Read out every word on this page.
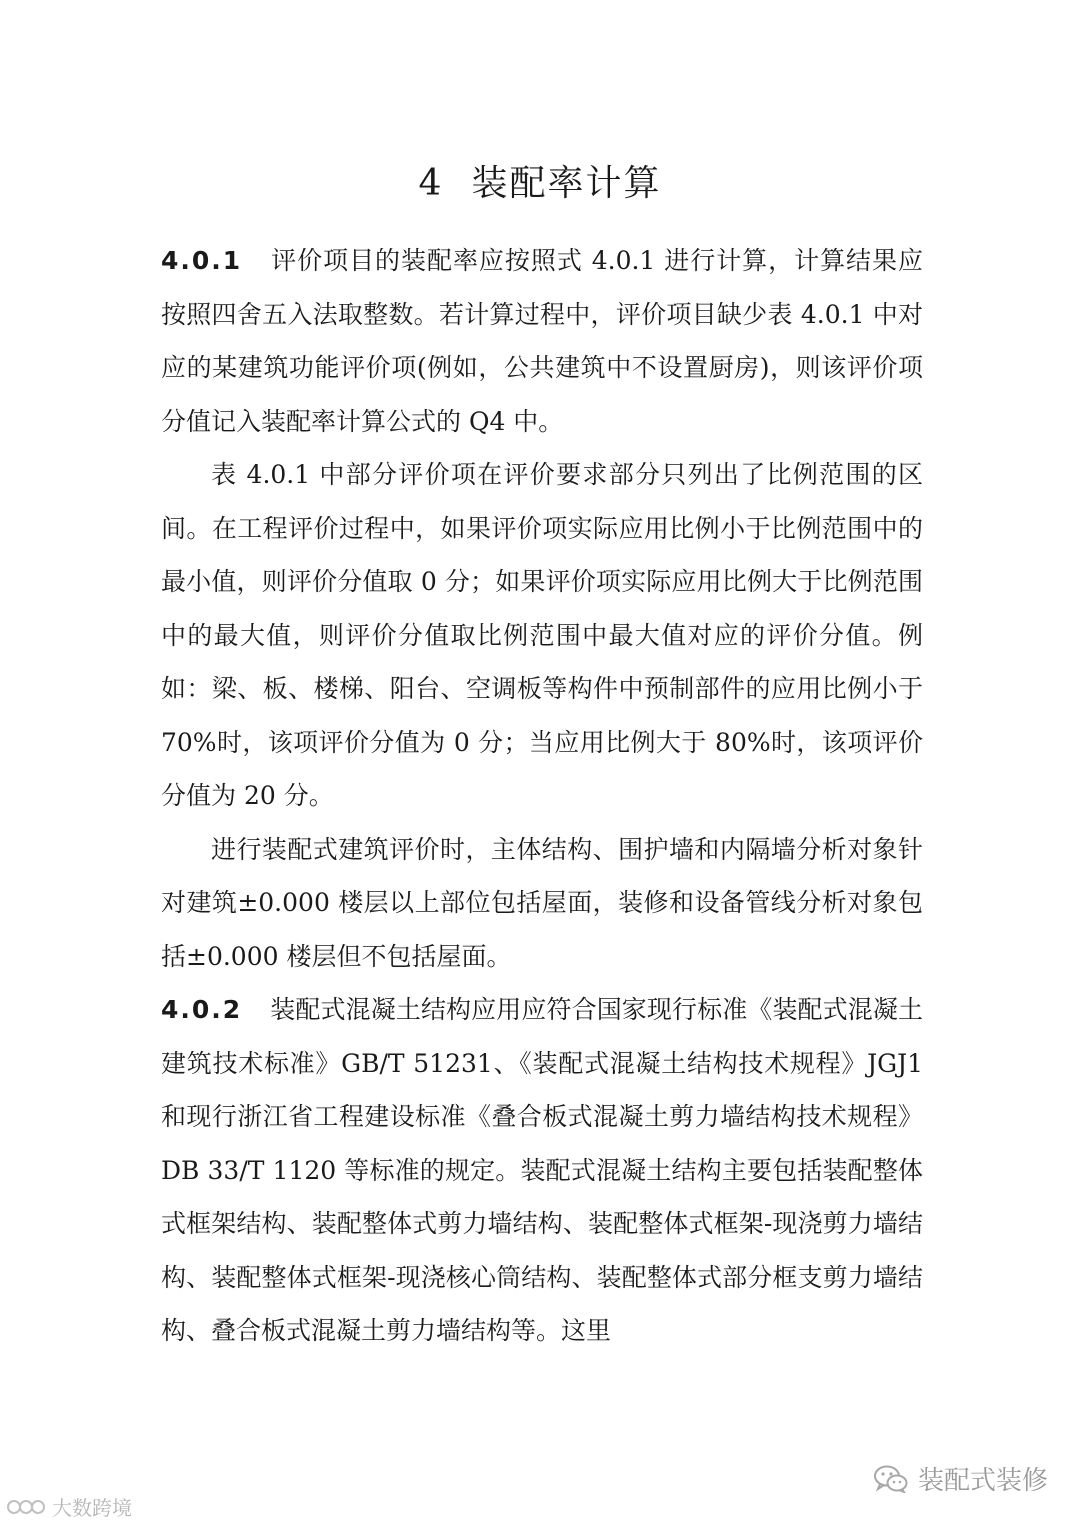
4 装配率计算

4.0.1 评价项目的装配率应按照式 4.0.1 进行计算，计算结果应按照四舍五入法取整数。若计算过程中，评价项目缺少表 4.0.1 中对应的某建筑功能评价项(例如，公共建筑中不设置厨房)，则该评价项分值记入装配率计算公式的 Q4 中。

表 4.0.1 中部分评价项在评价要求部分只列出了比例范围的区间。在工程评价过程中，如果评价项实际应用比例小于比例范围中的最小值，则评价分值取 0 分；如果评价项实际应用比例大于比例范围中的最大值，则评价分值取比例范围中最大值对应的评价分值。例如：梁、板、楼梯、阳台、空调板等构件中预制部件的应用比例小于 70%时，该项评价分值为 0 分；当应用比例大于 80%时，该项评价分值为 20 分。

进行装配式建筑评价时，主体结构、围护墙和内隔墙分析对象针对建筑±0.000 楼层以上部位包括屋面，装修和设备管线分析对象包括±0.000 楼层但不包括屋面。

4.0.2 装配式混凝土结构应用应符合国家现行标准《装配式混凝土建筑技术标准》GB/T 51231、《装配式混凝土结构技术规程》JGJ1 和现行浙江省工程建设标准《叠合板式混凝土剪力墙结构技术规程》DB 33/T 1120 等标准的规定。装配式混凝土结构主要包括装配整体式框架结构、装配整体式剪力墙结构、装配整体式框架-现浇剪力墙结构、装配整体式框架-现浇核心筒结构、装配整体式部分框支剪力墙结构、叠合板式混凝土剪力墙结构等。这里

装配式装修
大数跨境
